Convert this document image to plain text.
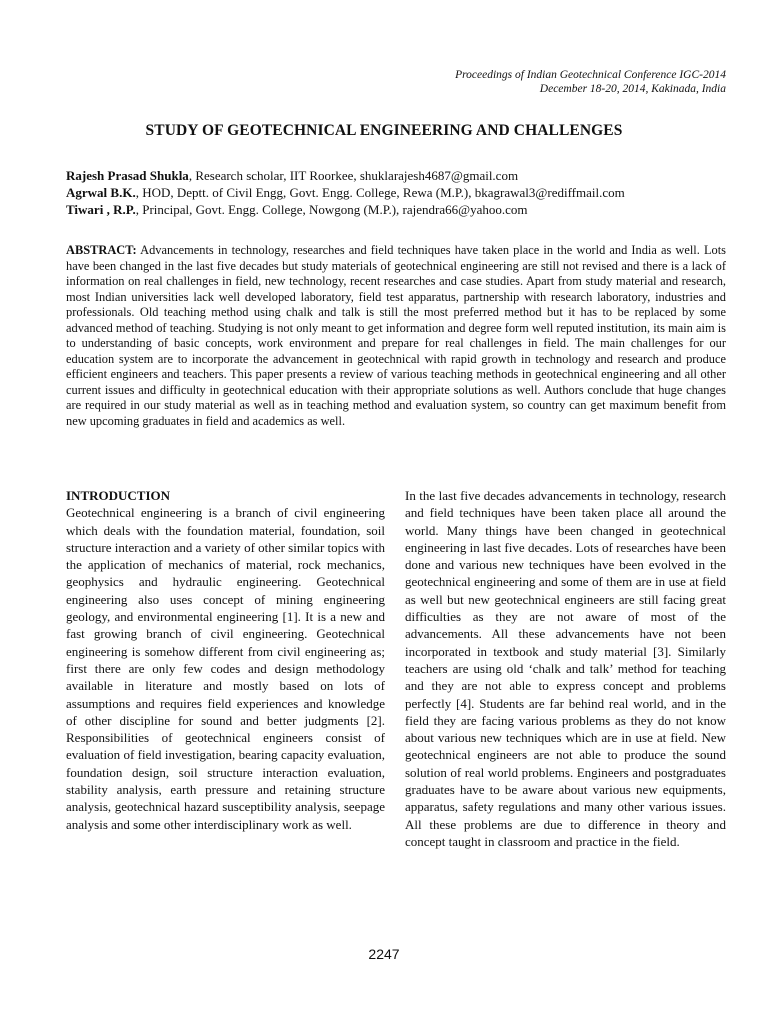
Proceedings of Indian Geotechnical Conference IGC-2014
December 18-20, 2014, Kakinada, India
STUDY OF GEOTECHNICAL ENGINEERING AND CHALLENGES
Rajesh Prasad Shukla, Research scholar, IIT Roorkee, shuklarajesh4687@gmail.com
Agrwal B.K., HOD, Deptt. of Civil Engg, Govt. Engg. College, Rewa (M.P.), bkagrawal3@rediffmail.com
Tiwari , R.P., Principal, Govt. Engg. College, Nowgong (M.P.), rajendra66@yahoo.com
ABSTRACT: Advancements in technology, researches and field techniques have taken place in the world and India as well. Lots have been changed in the last five decades but study materials of geotechnical engineering are still not revised and there is a lack of information on real challenges in field, new technology, recent researches and case studies. Apart from study material and research, most Indian universities lack well developed laboratory, field test apparatus, partnership with research laboratory, industries and professionals. Old teaching method using chalk and talk is still the most preferred method but it has to be replaced by some advanced method of teaching. Studying is not only meant to get information and degree form well reputed institution, its main aim is to understanding of basic concepts, work environment and prepare for real challenges in field. The main challenges for our education system are to incorporate the advancement in geotechnical with rapid growth in technology and research and produce efficient engineers and teachers. This paper presents a review of various teaching methods in geotechnical engineering and all other current issues and difficulty in geotechnical education with their appropriate solutions as well. Authors conclude that huge changes are required in our study material as well as in teaching method and evaluation system, so country can get maximum benefit from new upcoming graduates in field and academics as well.
INTRODUCTION
Geotechnical engineering is a branch of civil engineering which deals with the foundation material, foundation, soil structure interaction and a variety of other similar topics with the application of mechanics of material, rock mechanics, geophysics and hydraulic engineering. Geotechnical engineering also uses concept of mining engineering geology, and environmental engineering [1]. It is a new and fast growing branch of civil engineering. Geotechnical engineering is somehow different from civil engineering as; first there are only few codes and design methodology available in literature and mostly based on lots of assumptions and requires field experiences and knowledge of other discipline for sound and better judgments [2]. Responsibilities of geotechnical engineers consist of evaluation of field investigation, bearing capacity evaluation, foundation design, soil structure interaction evaluation, stability analysis, earth pressure and retaining structure analysis, geotechnical hazard susceptibility analysis, seepage analysis and some other interdisciplinary work as well.
In the last five decades advancements in technology, research and field techniques have been taken place all around the world. Many things have been changed in geotechnical engineering in last five decades. Lots of researches have been done and various new techniques have been evolved in the geotechnical engineering and some of them are in use at field as well but new geotechnical engineers are still facing great difficulties as they are not aware of most of the advancements. All these advancements have not been incorporated in textbook and study material [3]. Similarly teachers are using old ‘chalk and talk’ method for teaching and they are not able to express concept and problems perfectly [4]. Students are far behind real world, and in the field they are facing various problems as they do not know about various new techniques which are in use at field. New geotechnical engineers are not able to produce the sound solution of real world problems. Engineers and postgraduates graduates have to be aware about various new equipments, apparatus, safety regulations and many other various issues. All these problems are due to difference in theory and concept taught in classroom and practice in the field.
2247
